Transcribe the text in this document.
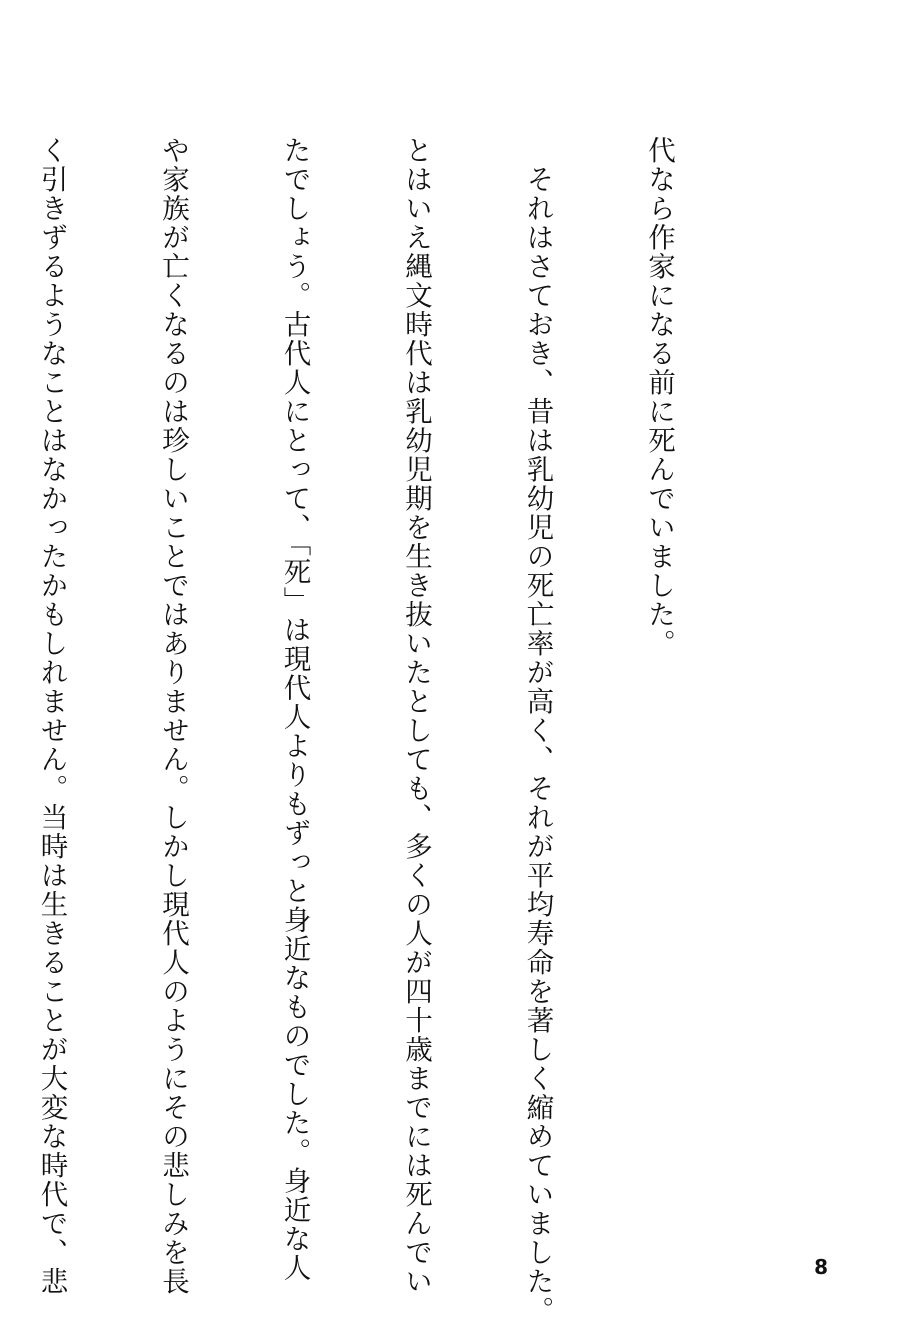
代なら作家になる前に死んでいました。

　それはさておき、昔は乳幼児の死亡率が高く、それが平均寿命を著しく縮めていました。

とはいえ縄文時代は乳幼児期を生き抜いたとしても、多くの人が四十歳までには死んでい

たでしょう。古代人にとって、「死」は現代人よりもずっと身近なものでした。身近な人

や家族が亡くなるのは珍しいことではありません。しかし現代人のようにその悲しみを長

く引きずるようなことはなかったかもしれません。当時は生きることが大変な時代で、悲

	8
